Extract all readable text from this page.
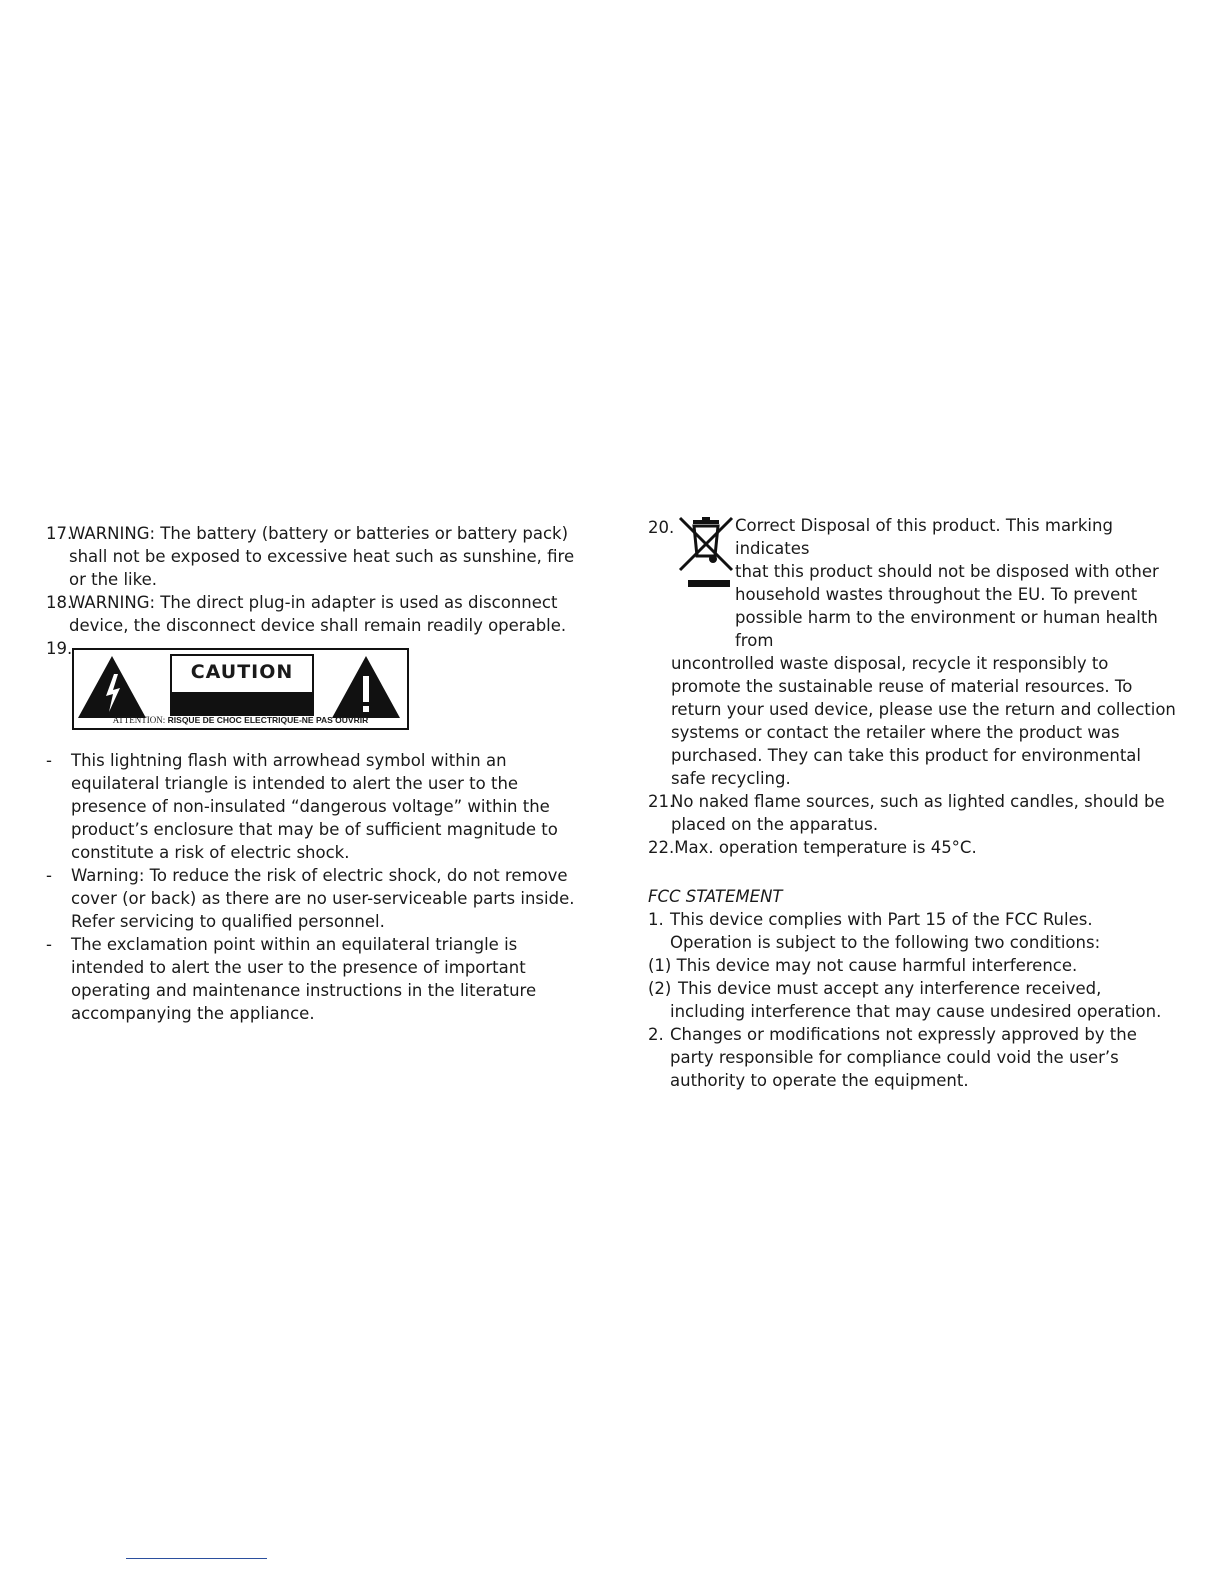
17.
WARNING: The battery (battery or batteries or battery pack) shall not be exposed to excessive heat such as sunshine, fire or the like.
18.
WARNING: The direct plug-in adapter is used as disconnect device, the disconnect device shall remain readily operable.
19.
CAUTION
ATTENTION: RISQUE DE CHOC ELECTRIQUE-NE PAS OUVRIR
- This lightning flash with arrowhead symbol within an equilateral triangle is intended to alert the user to the presence of non-insulated “dangerous voltage” within the product’s enclosure that may be of sufficient magnitude to constitute a risk of electric shock.
- Warning: To reduce the risk of electric shock, do not remove cover (or back) as there are no user-serviceable parts inside. Refer servicing to qualified personnel.
- The exclamation point within an equilateral triangle is intended to alert the user to the presence of important operating and maintenance instructions in the literature accompanying the appliance.
20.	Correct Disposal of this product. This marking indicates
that this product should not be disposed with other
household wastes throughout the EU. To prevent
possible harm to the environment or human health from
uncontrolled waste disposal, recycle it responsibly to promote the sustainable reuse of material resources. To return your used device, please use the return and collection systems or contact the retailer where the product was purchased. They can take this product for environmental safe recycling.
21.
No naked flame sources, such as lighted candles, should be placed on the apparatus.
22.Max. operation temperature is 45°C.
FCC STATEMENT
1. This device complies with Part 15 of the FCC Rules. Operation is subject to the following two conditions:
(1) This device may not cause harmful interference.
(2) This device must accept any interference received, including interference that may cause undesired operation.
2. Changes or modifications not expressly approved by the party responsible for compliance could void the user’s authority to operate the equipment.
